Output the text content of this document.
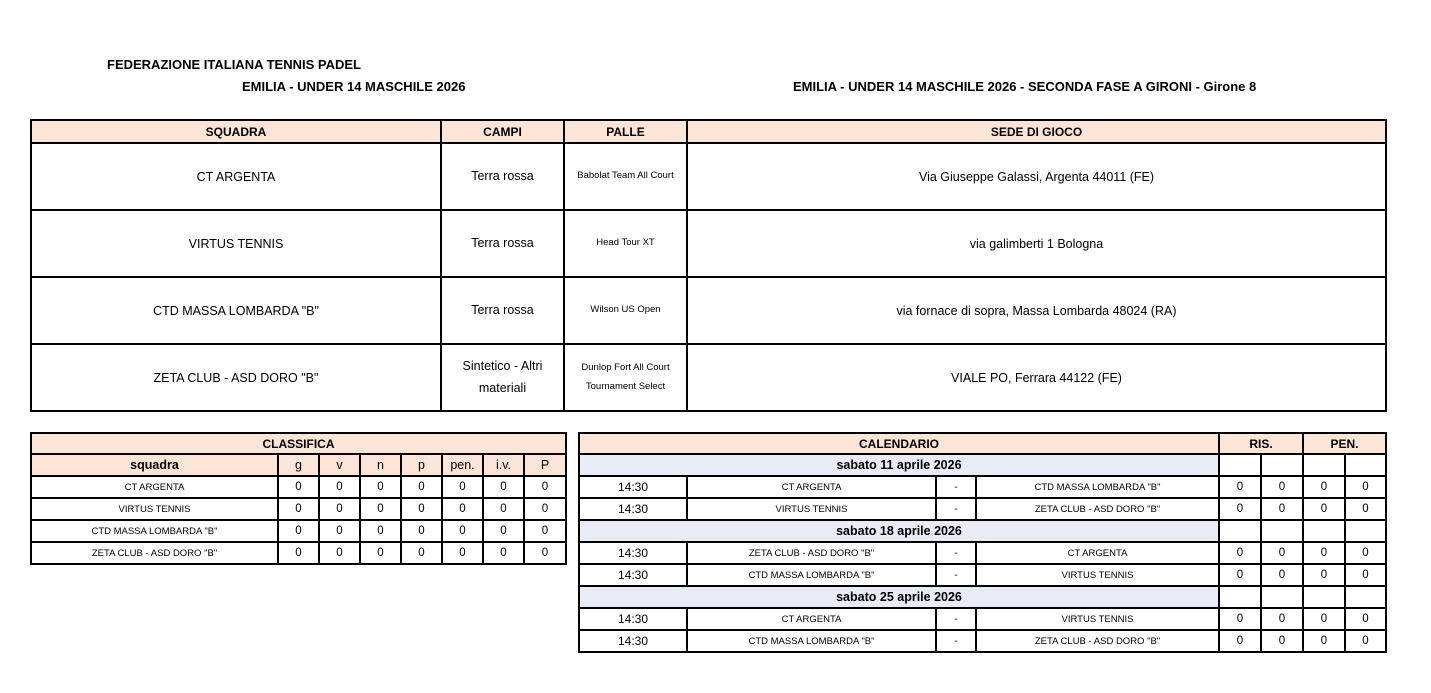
FEDERAZIONE ITALIANA TENNIS PADEL
EMILIA - UNDER 14 MASCHILE 2026	EMILIA - UNDER 14 MASCHILE 2026 - SECONDA FASE A GIRONI - Girone 8
SQUADRA	CAMPI	PALLE	SEDE DI GIOCO
CT ARGENTA	Terra rossa	Babolat Team All Court	Via Giuseppe Galassi, Argenta 44011 (FE)
VIRTUS TENNIS	Terra rossa	Head Tour XT	via galimberti 1 Bologna
CTD MASSA LOMBARDA "B"	Terra rossa	Wilson US Open	via fornace di sopra, Massa Lombarda 48024 (RA)
ZETA CLUB - ASD DORO "B"	Sintetico - Altri materiali	Dunlop Fort All Court Tournament Select	VIALE PO, Ferrara 44122 (FE)
CLASSIFICA							
squadra	g	v	n	p	pen.	i.v.	P
CT ARGENTA	0	0	0	0	0	0	0
VIRTUS TENNIS	0	0	0	0	0	0	0
CTD MASSA LOMBARDA "B"	0	0	0	0	0	0	0
ZETA CLUB - ASD DORO "B"	0	0	0	0	0	0	0
CALENDARIO				RIS.		PEN.	
sabato 11 aprile 2026							
14:30	CT ARGENTA	-	CTD MASSA LOMBARDA "B"	0	0	0	0
14:30	VIRTUS TENNIS	-	ZETA CLUB - ASD DORO "B"	0	0	0	0
sabato 18 aprile 2026							
14:30	ZETA CLUB - ASD DORO "B"	-	CT ARGENTA	0	0	0	0
14:30	CTD MASSA LOMBARDA "B"	-	VIRTUS TENNIS	0	0	0	0
sabato 25 aprile 2026							
14:30	CT ARGENTA	-	VIRTUS TENNIS	0	0	0	0
14:30	CTD MASSA LOMBARDA "B"	-	ZETA CLUB - ASD DORO "B"	0	0	0	0
